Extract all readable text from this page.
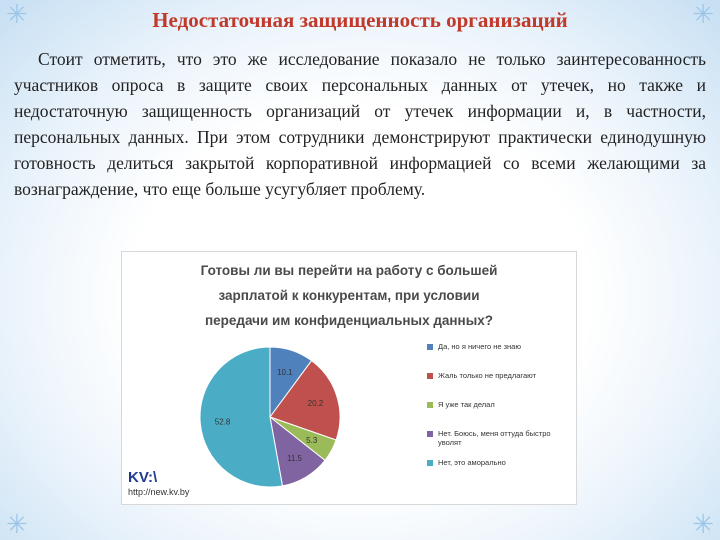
✳	✳
✳	✳
Недостаточная защищенность организаций

Стоит отметить, что это же исследование показало не только заинтересованность участников опроса в защите своих персональных данных от утечек, но также и недостаточную защищенность организаций от утечек информации и, в частности, персональных данных. При этом сотрудники демонстрируют практически единодушную готовность делиться закрытой корпоративной информацией со всеми желающими за вознаграждение, что еще больше усугубляет проблему.

Готовы ли вы перейти на работу с большей
зарплатой к конкурентам, при условии
передачи им конфиденциальных данных?
10.1
20.2
5.3
11.5
52.8
Да, но я ничего не знаю
Жаль только не предлагают
Я уже так делал
Нет. Боюсь, меня оттуда быстро уволят
Нет, это аморально
KV:\
http://new.kv.by
